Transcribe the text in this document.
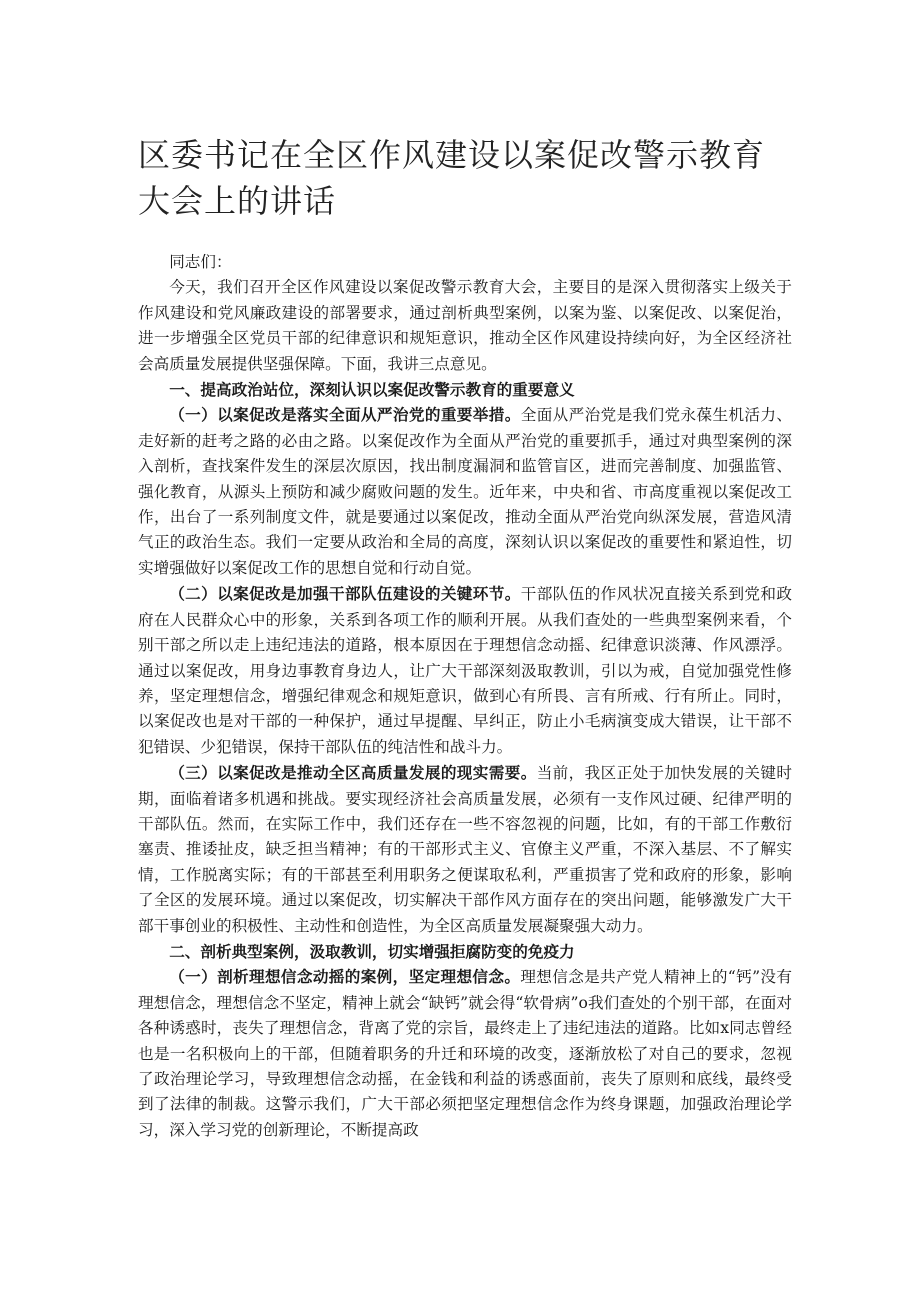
区委书记在全区作风建设以案促改警示教育大会上的讲话

同志们：

今天，我们召开全区作风建设以案促改警示教育大会，主要目的是深入贯彻落实上级关于作风建设和党风廉政建设的部署要求，通过剖析典型案例，以案为鉴、以案促改、以案促治，进一步增强全区党员干部的纪律意识和规矩意识，推动全区作风建设持续向好，为全区经济社会高质量发展提供坚强保障。下面，我讲三点意见。

一、提高政治站位，深刻认识以案促改警示教育的重要意义

（一）以案促改是落实全面从严治党的重要举措。全面从严治党是我们党永葆生机活力、走好新的赶考之路的必由之路。以案促改作为全面从严治党的重要抓手，通过对典型案例的深入剖析，查找案件发生的深层次原因，找出制度漏洞和监管盲区，进而完善制度、加强监管、强化教育，从源头上预防和减少腐败问题的发生。近年来，中央和省、市高度重视以案促改工作，出台了一系列制度文件，就是要通过以案促改，推动全面从严治党向纵深发展，营造风清气正的政治生态。我们一定要从政治和全局的高度，深刻认识以案促改的重要性和紧迫性，切实增强做好以案促改工作的思想自觉和行动自觉。

（二）以案促改是加强干部队伍建设的关键环节。干部队伍的作风状况直接关系到党和政府在人民群众心中的形象，关系到各项工作的顺利开展。从我们查处的一些典型案例来看，个别干部之所以走上违纪违法的道路，根本原因在于理想信念动摇、纪律意识淡薄、作风漂浮。通过以案促改，用身边事教育身边人，让广大干部深刻汲取教训，引以为戒，自觉加强党性修养，坚定理想信念，增强纪律观念和规矩意识，做到心有所畏、言有所戒、行有所止。同时，以案促改也是对干部的一种保护，通过早提醒、早纠正，防止小毛病演变成大错误，让干部不犯错误、少犯错误，保持干部队伍的纯洁性和战斗力。

（三）以案促改是推动全区高质量发展的现实需要。当前，我区正处于加快发展的关键时期，面临着诸多机遇和挑战。要实现经济社会高质量发展，必须有一支作风过硬、纪律严明的干部队伍。然而，在实际工作中，我们还存在一些不容忽视的问题，比如，有的干部工作敷衍塞责、推诿扯皮，缺乏担当精神；有的干部形式主义、官僚主义严重，不深入基层、不了解实情，工作脱离实际；有的干部甚至利用职务之便谋取私利，严重损害了党和政府的形象，影响了全区的发展环境。通过以案促改，切实解决干部作风方面存在的突出问题，能够激发广大干部干事创业的积极性、主动性和创造性，为全区高质量发展凝聚强大动力。

二、剖析典型案例，汲取教训，切实增强拒腐防变的免疫力

（一）剖析理想信念动摇的案例，坚定理想信念。理想信念是共产党人精神上的“钙”没有理想信念，理想信念不坚定，精神上就会“缺钙”就会得“软骨病”o我们查处的个别干部，在面对各种诱惑时，丧失了理想信念，背离了党的宗旨，最终走上了违纪违法的道路。比如x同志曾经也是一名积极向上的干部，但随着职务的升迁和环境的改变，逐渐放松了对自己的要求，忽视了政治理论学习，导致理想信念动摇，在金钱和利益的诱惑面前，丧失了原则和底线，最终受到了法律的制裁。这警示我们，广大干部必须把坚定理想信念作为终身课题，加强政治理论学习，深入学习党的创新理论，不断提高政
